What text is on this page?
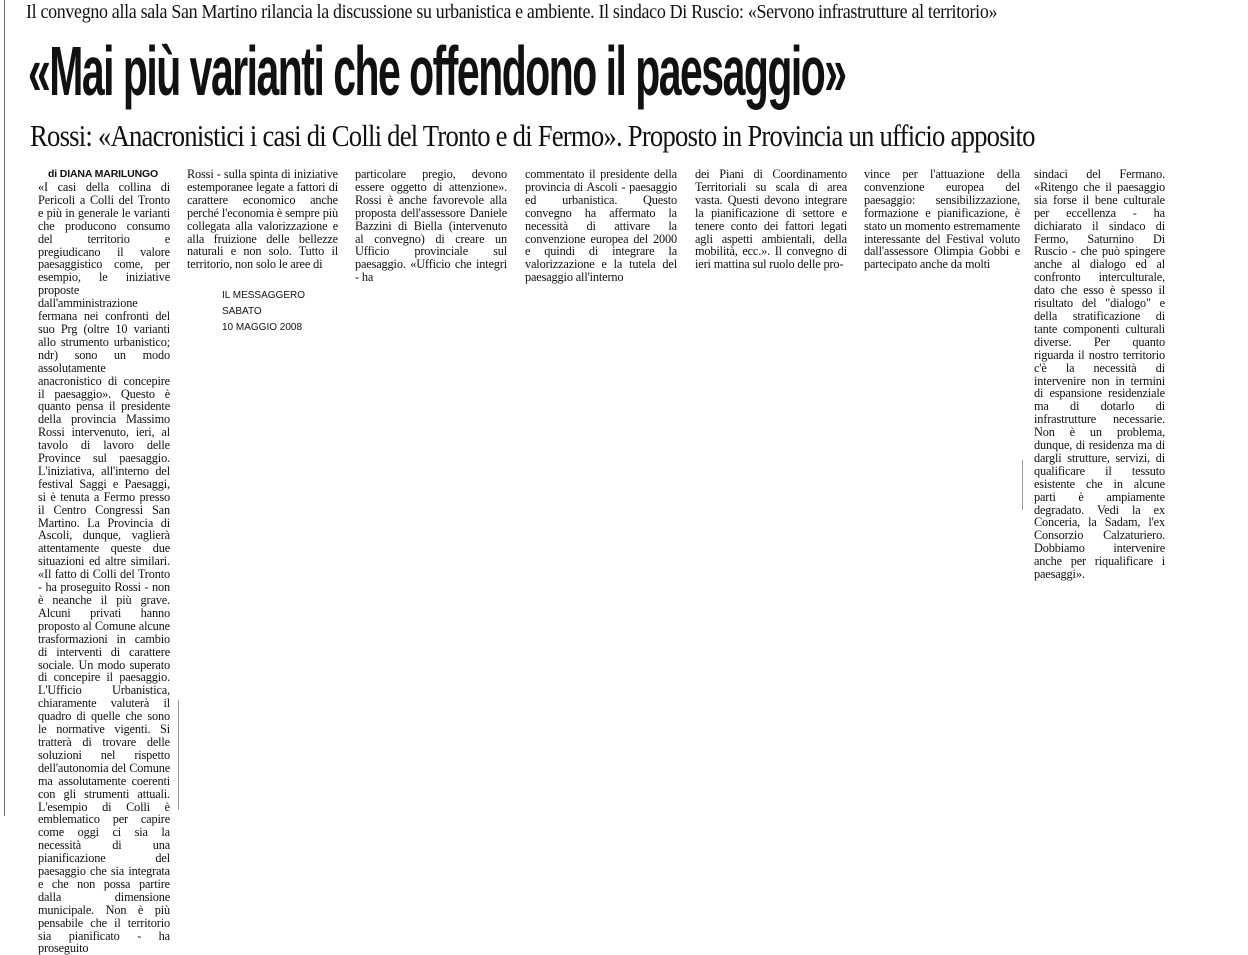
Il convegno alla sala San Martino rilancia la discussione su urbanistica e ambiente. Il sindaco Di Ruscio: «Servono infrastrutture al territorio»
«Mai più varianti che offendono il paesaggio»
Rossi: «Anacronistici i casi di Colli del Tronto e di Fermo». Proposto in Provincia un ufficio apposito
di DIANA MARILUNGO

«I casi della collina di Pericoli a Colli del Tronto e più in generale le varianti che producono consumo del territorio e pregiudicano il valore paesaggistico come, per esempio, le iniziative proposte dall'amministrazione fermana nei confronti del suo Prg (oltre 10 varianti allo strumento urbanistico; ndr) sono un modo assolutamente anacronistico di concepire il paesaggio». Questo è quanto pensa il presidente della provincia Massimo Rossi intervenuto, ieri, al tavolo di lavoro delle Province sul paesaggio. L'iniziativa, all'interno del festival Saggi e Paesaggi, si è tenuta a Fermo presso il Centro Congressi San Martino. La Provincia di Ascoli, dunque, vaglierà attentamente queste due situazioni ed altre similari. «Il fatto di Colli del Tronto - ha proseguito Rossi - non è neanche il più grave. Alcuni privati hanno proposto al Comune alcune trasformazioni in cambio di interventi di carattere sociale. Un modo superato di concepire il paesaggio. L'Ufficio Urbanistica, chiaramente valuterà il quadro di quelle che sono le normative vigenti. Si tratterà di trovare delle soluzioni nel rispetto dell'autonomia del Comune ma assolutamente coerenti con gli strumenti attuali. L'esempio di Colli è emblematico per capire come oggi ci sia la necessità di una pianificazione del paesaggio che sia integrata e che non possa partire dalla dimensione municipale. Non è più pensabile che il territorio sia pianificato - ha proseguito

Rossi - sulla spinta di iniziative estemporanee legate a fattori di carattere economico anche perché l'economia è sempre più collegata alla valorizzazione e alla fruizione delle bellezze naturali e non solo. Tutto il territorio, non solo le aree di

IL MESSAGGERO
SABATO
10 MAGGIO 2008

particolare pregio, devono essere oggetto di attenzione». Rossi è anche favorevole alla proposta dell'assessore Daniele Bazzini di Biella (intervenuto al convegno) di creare un Ufficio provinciale sul paesaggio. «Ufficio che integri - ha

commentato il presidente della provincia di Ascoli - paesaggio ed urbanistica. Questo convegno ha affermato la necessità di attivare la convenzione europea del 2000 e quindi di integrare la valorizzazione e la tutela del paesaggio all'interno

dei Piani di Coordinamento Territoriali su scala di area vasta. Questi devono integrare la pianificazione di settore e tenere conto dei fattori legati agli aspetti ambientali, della mobilità, ecc.». Il convegno di ieri mattina sul ruolo delle pro-

vince per l'attuazione della convenzione europea del paesaggio: sensibilizzazione, formazione e pianificazione, è stato un momento estremamente interessante del Festival voluto dall'assessore Olimpia Gobbi e partecipato anche da molti

sindaci del Fermano. «Ritengo che il paesaggio sia forse il bene culturale per eccellenza - ha dichiarato il sindaco di Fermo, Saturnino Di Ruscio - che può spingere anche al dialogo ed al confronto interculturale, dato che esso è spesso il risultato del "dialogo" e della stratificazione di tante componenti culturali diverse. Per quanto riguarda il nostro territorio c'è la necessità di intervenire non in termini di espansione residenziale ma di dotarlo di infrastrutture necessarie. Non è un problema, dunque, di residenza ma di dargli strutture, servizi, di qualificare il tessuto esistente che in alcune parti è ampiamente degradato. Vedi la ex Conceria, la Sadam, l'ex Consorzio Calzaturiero. Dobbiamo intervenire anche per riqualificare i paesaggi».
